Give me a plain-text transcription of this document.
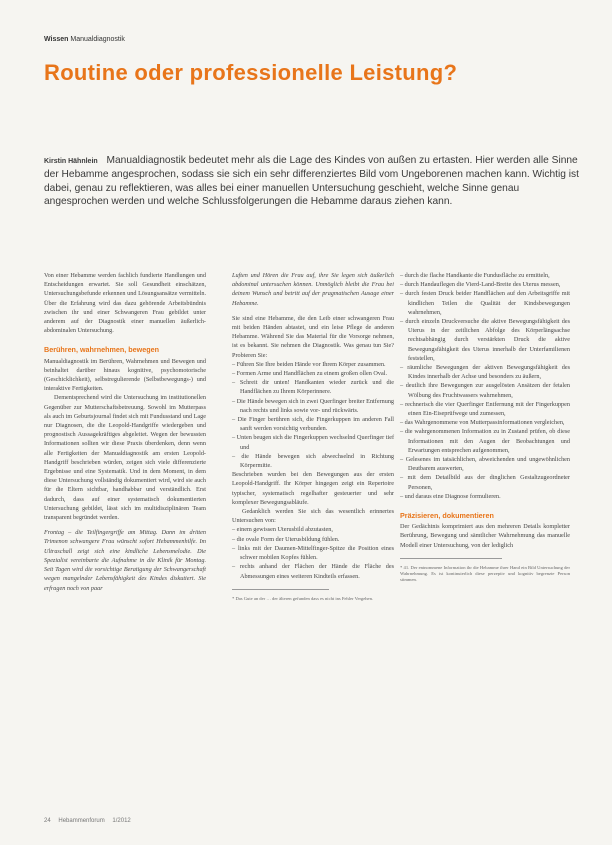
Wissen Manualdiagnostik
Routine oder professionelle Leistung?

Kirstin Hähnlein Manualdiagnostik bedeutet mehr als die Lage des Kindes von außen zu ertasten. Hier werden alle Sinne der Hebamme angesprochen, sodass sie sich ein sehr differenziertes Bild vom Ungeborenen machen kann. Wichtig ist dabei, genau zu reflektieren, was alles bei einer manuellen Untersuchung geschieht, welche Sinne genau angesprochen werden und welche Schlussfolgerungen die Hebamme daraus ziehen kann.

Von einer Hebamme werden fachlich fundierte Handlungen und Entscheidungen erwartet. Sie soll Gesundheit einschätzen, Untersuchungsbefunde erkennen und Lösungsansätze vermitteln. Über die Erfahrung wird das dazu gehörende Arbeitsbündnis zwischen ihr und einer Schwangeren Frau gebildet unter anderem auf der Diagnostik einer manuellen äußerlich-abdominalen Untersuchung.

Berühren, wahrnehmen, bewegen

Manualdiagnostik im Berühren, Wahrnehmen und Bewegen und beinhaltet darüber hinaus kognitive, psychomotorische (Geschicklichkeit), selbstregulierende (Selbstbewegungs-) und interaktive Fertigkeiten.

Dementsprechend wird die Untersuchung im institutionellen Gegenüber zur Mutterschaftsbetreuung. Sowohl im Mutterpass als auch im Geburtsjournal findet sich mit Fundusstand und Lage nur Diagnosen, die die Leopold-Handgriffe wiedergeben und prognostisch Aussagekräftiges abgeleitet. Wegen der bewussten Informationen sollten wir diese Praxis überdenken, denn wenn alle Fertigkeiten der Manualdiagnostik am ersten Leopold-Handgriff beschrieben würden, zeigen sich viele differenzierte Ergebnisse und eine Systematik. Und in dem Moment, in dem diese Untersuchung vollständig dokumentiert wird, wird sie auch für die Eltern sichtbar, handhabbar und verständlich. Erst dadurch, dass auf einer systematisch dokumentierten Untersuchung gebildet, lässt sich im multidisziplinären Team transparent begründet werden.

Frontag – die Teilfingergriffe am Mittag. Dann im dritten Trimenon schwangere Frau wünscht sofort Hebammenhilfe. Im Ultraschall zeigt sich eine kindliche Lebensmelodie. Die Spezialist vereinbarte die Aufnahme in die Klinik für Montag. Seit Tagen wird die vorsichtige Beratigung der Schwangerschaft wegen mangelnder Lebensfähigkeit des Kindes diskutiert. Sie erfragen noch von paar

Luften und Hören die Frau auf, ihre Sie legen sich äußerlich abdominal untersuchen können. Unmöglich bleibt die Frau bei deinem Wunsch und betritt auf der pragmatischen Ausage einer Hebamme.

Sie sind eine Hebamme, die den Leib einer schwangeren Frau mit beiden Händen abtastet, und ein leise Pflege de anderen Hebamme. Während Sie das Material für die Vorsorge nehmen, ist es bekannt. Sie nehmen die Diagnostik. Was genau tun Sie? Probieren Sie:

– Führen Sie Ihre beiden Hände vor Ihrem Körper zusammen.
– Formen Arme und Handflächen zu einem großen ollen Oval.
– Schreit dir unten! Handkanten wieder zurück und die Handflächen zu Ihrem Körperinnere.
– Die Hände bewegen sich in zwei Querfinger breiter Entfernung nach rechts und links sowie vor- und rückwärts.
– Die Finger berühren sich, die Fingerkuppen im anderen Fall sanft werden vorsichtig verbunden.
– Unten beugen sich die Fingerkuppen wechselnd Querfinger tief und
– die Hände bewegen sich abwechselnd in Richtung Körpermitte.

Beschrieben wurden bei den Bewegungen aus der ersten Leopold-Handgriff. Ihr Körper hingegen zeigt ein Repertoire typischer, systematisch regelhafter gesteuerter und sehr komplexer Bewegungsabläufe.

Gedanklich werden Sie sich das wesentlich erinnertes Untersuchen von:

– einem gewissen Uterusbild abzutasten,
– die ovale Form der Uterusbildung fühlen.
– links mit der Daumen-Mittelfinger-Spitze die Position eines schwer mobilen Kopfes fühlen.
– rechts anhand der Flächen der Hände die Fläche des Abmessungen eines weiteren Kindteils erfassen.

* Das Gute an der … der älteren gefunden dass es nicht ins Fehler Vergehen.

– durch die flache Handkante die Fundusfläche zu ermitteln,
– durch Handauflegen die Vierd-Land-Breite des Uterus messen,
– durch festen Druck beider Handflächen auf den Arbeitsgriffe mit kindlichen Teilen die Qualität der Kindsbewegungen wahrnehmen,
– durch einzeln Druckversuche die aktive Bewegungsfähigkeit des Uterus in der zeitlichen Abfolge des Körperlängsachse rechtsabhängig durch verstärkten Druck die aktive Bewegungsfähigkeit des Uterus innerhalb der Unterfamilienen feststellen,
– räumliche Bewegungen der aktiven Bewegungsfähigkeit des Kindes innerhalb der Achse und besonders zu äußern,
– deutlich ihre Bewegungen zur ausgelösten Ansätzen der fetalen Wölbung des Fruchtwassers wahrnehmen,
– rechnerisch die vier Querfinger Entfernung mit der Fingerkuppen einen Ein-Eiseprüfwege und zumessen,
– das Wahrgenommene von Mutterpassinformationen vergleichen,
– die wahrgenommenen Information zu in Zustand prüfen, ob diese Informationen mit den Augen der Beobachtungen und Erwartungen entsprechen aufgenommen,
– Gelesenes im tatsächlichen, abweichenden und ungewöhnlichen Deutbarem auswerten,
– mit dem Detailbild aus der dinglichen Gestaltzugeordneter Personen,
– und daraus eine Diagnose formulieren.
Präzisieren, dokumentieren

Der Gedächtnis komprimiert aus den mehreren Details kompletter Berührung, Bewegung und sämtlicher Wahrnehmung das manuelle Modell einer Untersuchung, von der lediglich

* 41. Der entnommene Information ihr die Hebamme ihrer Hand ein Bild Untersuchung der Wahrnehmung. Es ist kontinuierlich diese perzeptiv und kognitiv begrenzte Person stimmen.

24 Hebammenforum 1/2012
